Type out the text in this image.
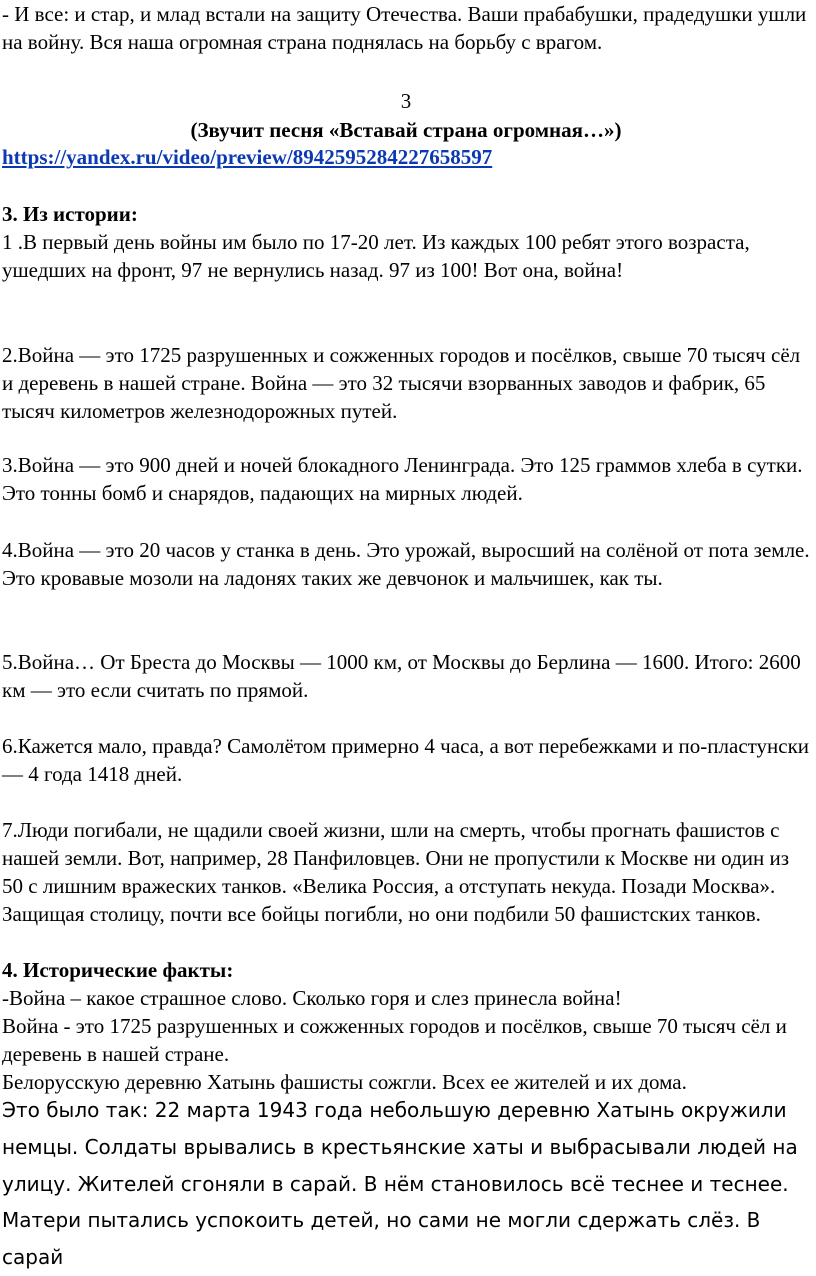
- И все: и стар, и млад встали на защиту Отечества. Ваши прабабушки, прадедушки ушли на войну. Вся наша огромная страна поднялась на борьбу с врагом.

3

(Звучит песня «Вставай страна огромная…»)

https://yandex.ru/video/preview/8942595284227658597

3. Из истории:

1 .В первый день войны им было по 17-20 лет. Из каждых 100 ребят этого возраста, ушедших на фронт, 97 не вернулись назад. 97 из 100! Вот она, война!

2.Война — это 1725 разрушенных и сожженных городов и посёлков, свыше 70 тысяч сёл и деревень в нашей стране. Война — это 32 тысячи взорванных заводов и фабрик, 65 тысяч километров железнодорожных путей.

3.Война — это 900 дней и ночей блокадного Ленинграда. Это 125 граммов хлеба в сутки. Это тонны бомб и снарядов, падающих на мирных людей.

4.Война — это 20 часов у станка в день. Это урожай, выросший на солёной от пота земле. Это кровавые мозоли на ладонях таких же девчонок и мальчишек, как ты.

5.Война… От Бреста до Москвы — 1000 км, от Москвы до Берлина — 1600. Итого: 2600 км — это если считать по прямой.

6.Кажется мало, правда? Самолётом примерно 4 часа, а вот перебежками и по-пластунски — 4 года 1418 дней.

7.Люди погибали, не щадили своей жизни, шли на смерть, чтобы прогнать фашистов с нашей земли. Вот, например, 28 Панфиловцев. Они не пропустили к Москве ни один из 50 с лишним вражеских танков. «Велика Россия, а отступать некуда. Позади Москва». Защищая столицу, почти все бойцы погибли, но они подбили 50 фашистских танков.

4. Исторические факты:

-Война – какое страшное слово. Сколько горя и слез принесла война!

Война - это 1725 разрушенных и сожженных городов и посёлков, свыше 70 тысяч сёл и деревень в нашей стране.

Белорусскую деревню Хатынь фашисты сожгли. Всех ее жителей и их дома.

Это было так: 22 марта 1943 года небольшую деревню Хатынь окружили немцы. Солдаты врывались в крестьянские хаты и выбрасывали людей на улицу. Жителей сгоняли в сарай. В нём становилось всё теснее и теснее. Матери пытались успокоить детей, но сами не могли сдержать слёз. В сарай
